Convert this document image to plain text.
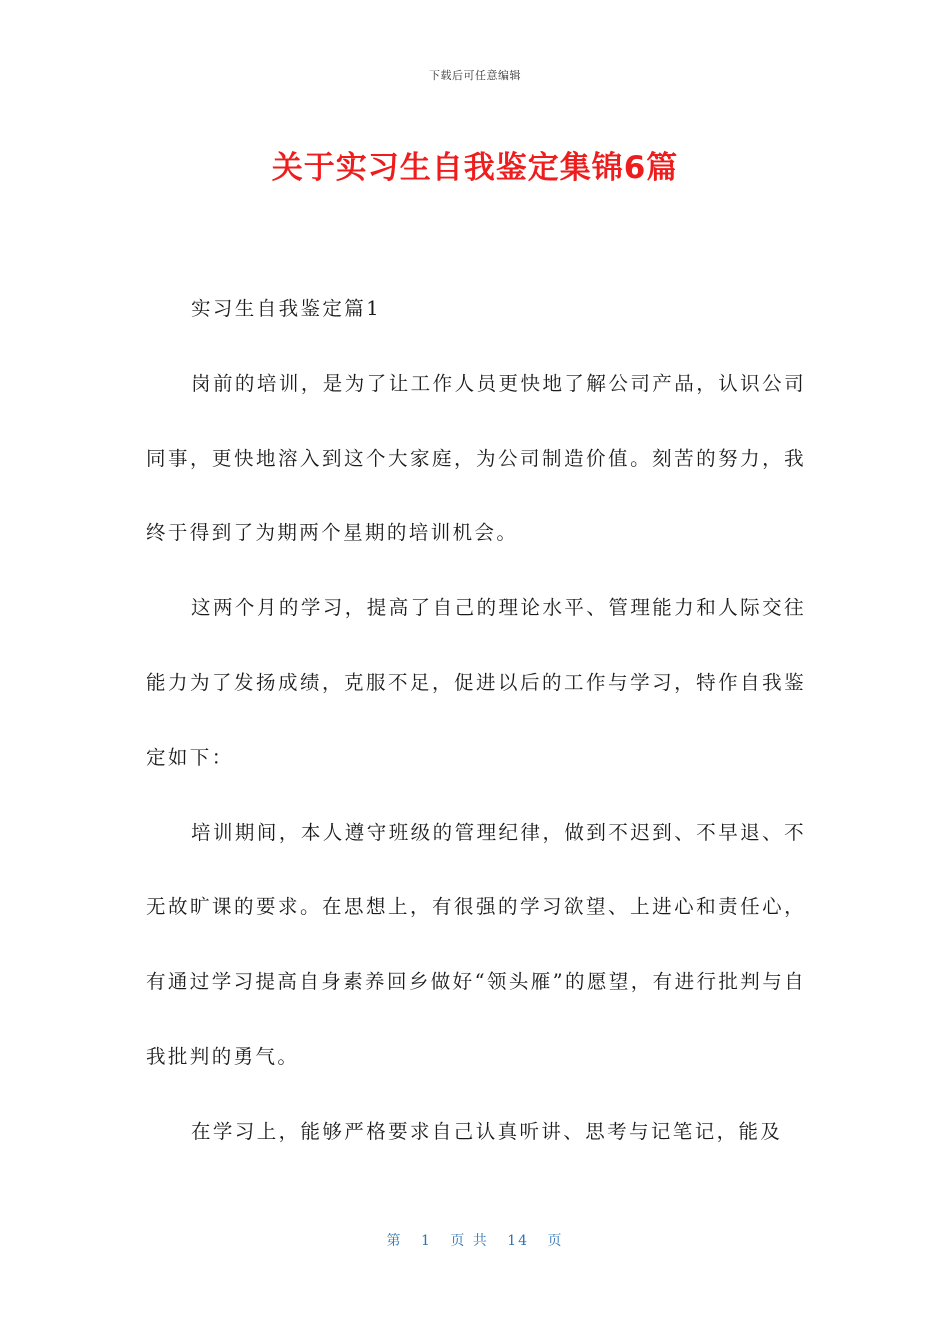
下载后可任意编辑
关于实习生自我鉴定集锦6篇

实习生自我鉴定篇1

岗前的培训，是为了让工作人员更快地了解公司产品，认识公司同事，更快地溶入到这个大家庭，为公司制造价值。刻苦的努力，我终于得到了为期两个星期的培训机会。

这两个月的学习，提高了自己的理论水平、管理能力和人际交往能力为了发扬成绩，克服不足，促进以后的工作与学习，特作自我鉴定如下：

培训期间，本人遵守班级的管理纪律，做到不迟到、不早退、不无故旷课的要求。在思想上，有很强的学习欲望、上进心和责任心，有通过学习提高自身素养回乡做好“领头雁”的愿望，有进行批判与自我批判的勇气。

在学习上，能够严格要求自己认真听讲、思考与记笔记，能及

第 1 页 共 14 页
